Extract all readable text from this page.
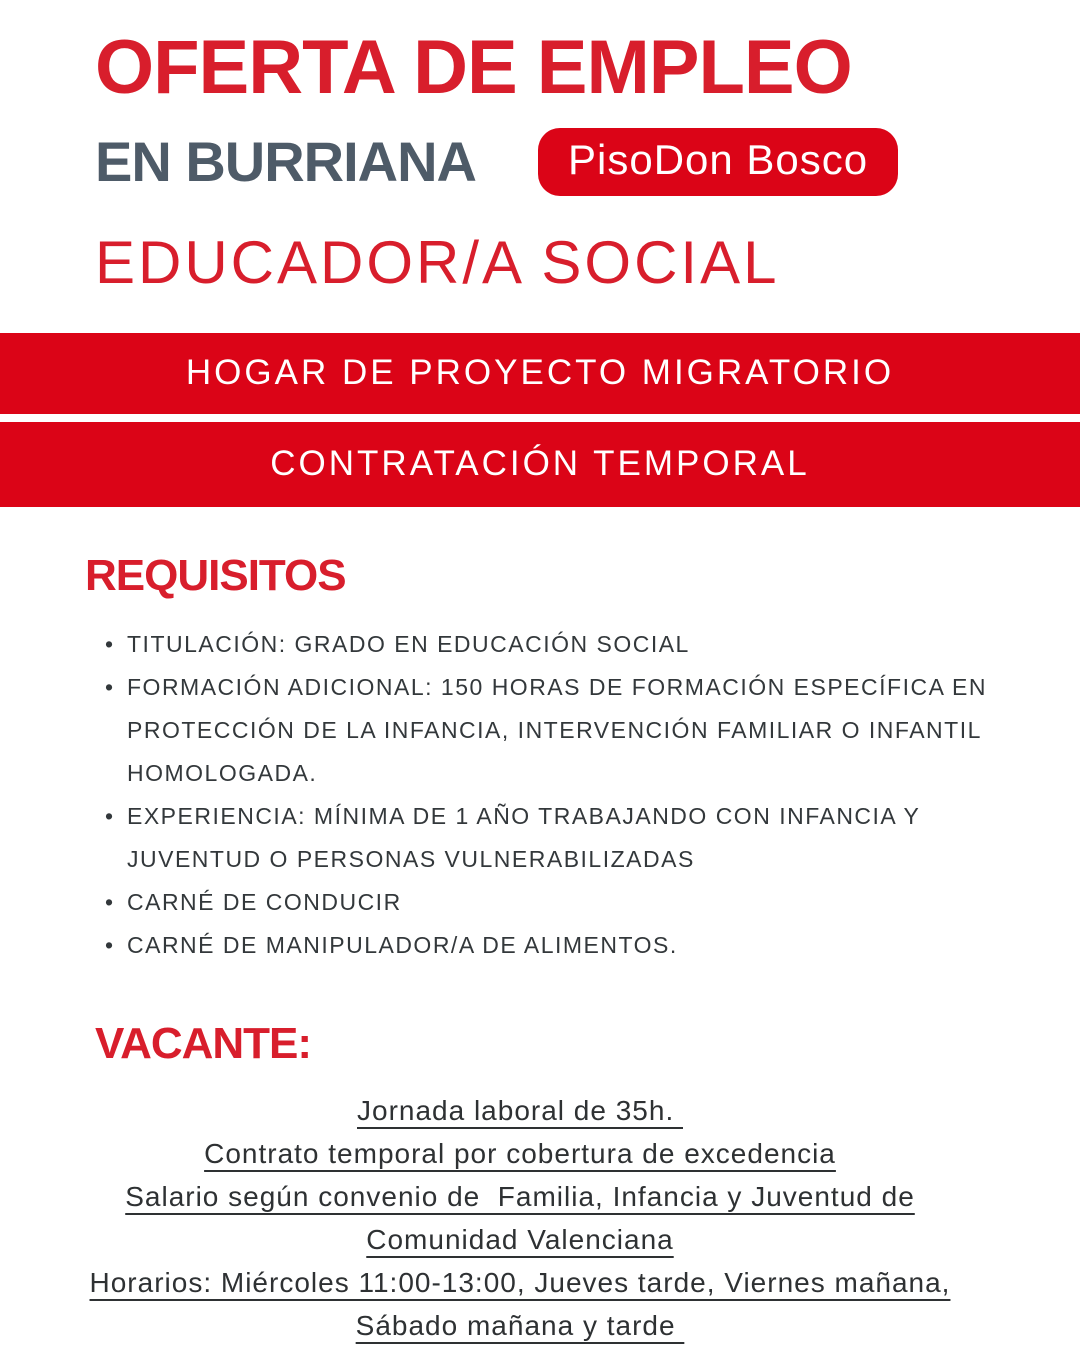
OFERTA DE EMPLEO
EN BURRIANA	PisoDon Bosco
EDUCADOR/A SOCIAL
HOGAR DE PROYECTO MIGRATORIO
CONTRATACIÓN TEMPORAL
REQUISITOS
• TITULACIÓN: GRADO EN EDUCACIÓN SOCIAL
• FORMACIÓN ADICIONAL: 150 HORAS DE FORMACIÓN ESPECÍFICA EN PROTECCIÓN DE LA INFANCIA, INTERVENCIÓN FAMILIAR O INFANTIL HOMOLOGADA.
• EXPERIENCIA: MÍNIMA DE 1 AÑO TRABAJANDO CON INFANCIA Y JUVENTUD O PERSONAS VULNERABILIZADAS
• CARNÉ DE CONDUCIR
• CARNÉ DE MANIPULADOR/A DE ALIMENTOS.
VACANTE:
Jornada laboral de 35h.
Contrato temporal por cobertura de excedencia
Salario según convenio de  Familia, Infancia y Juventud de
Comunidad Valenciana
Horarios: Miércoles 11:00-13:00, Jueves tarde, Viernes mañana,
Sábado mañana y tarde
